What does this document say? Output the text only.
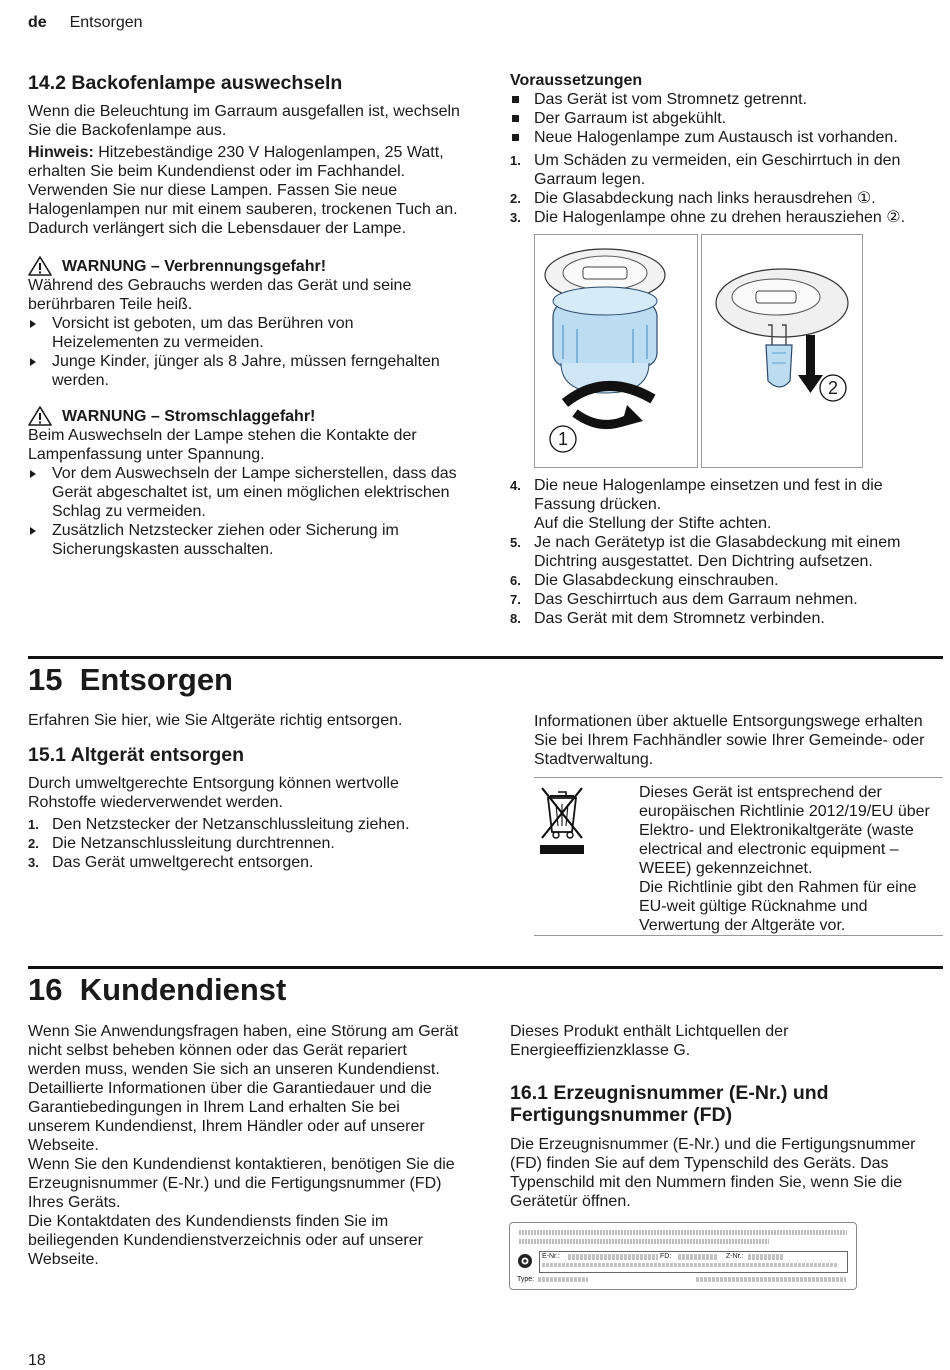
de Entsorgen

14.2 Backofenlampe auswechseln

Wenn die Beleuchtung im Garraum ausgefallen ist, wechseln Sie die Backofenlampe aus.

Hinweis: Hitzebeständige 230 V Halogenlampen, 25 Watt, erhalten Sie beim Kundendienst oder im Fachhandel. Verwenden Sie nur diese Lampen. Fassen Sie neue Halogenlampen nur mit einem sauberen, trockenen Tuch an. Dadurch verlängert sich die Lebensdauer der Lampe.

WARNUNG – Verbrennungsgefahr!

Während des Gebrauchs werden das Gerät und seine berührbaren Teile heiß.

Vorsicht ist geboten, um das Berühren von Heizelementen zu vermeiden.
Junge Kinder, jünger als 8 Jahre, müssen ferngehalten werden.
WARNUNG – Stromschlaggefahr!

Beim Auswechseln der Lampe stehen die Kontakte der Lampenfassung unter Spannung.

Vor dem Auswechseln der Lampe sicherstellen, dass das Gerät abgeschaltet ist, um einen möglichen elektrischen Schlag zu vermeiden.
Zusätzlich Netzstecker ziehen oder Sicherung im Sicherungskasten ausschalten.

Voraussetzungen

Das Gerät ist vom Stromnetz getrennt.
Der Garraum ist abgekühlt.
Neue Halogenlampe zum Austausch ist vorhanden.
1. Um Schäden zu vermeiden, ein Geschirrtuch in den Garraum legen.
2. Die Glasabdeckung nach links herausdrehen ①.
3. Die Halogenlampe ohne zu drehen herausziehen ②.
1
2
4. Die neue Halogenlampe einsetzen und fest in die Fassung drücken.
Auf die Stellung der Stifte achten.
5. Je nach Gerätetyp ist die Glasabdeckung mit einem Dichtring ausgestattet. Den Dichtring aufsetzen.
6. Die Glasabdeckung einschrauben.
7. Das Geschirrtuch aus dem Garraum nehmen.
8. Das Gerät mit dem Stromnetz verbinden.

15  Entsorgen

Erfahren Sie hier, wie Sie Altgeräte richtig entsorgen.

15.1 Altgerät entsorgen

Durch umweltgerechte Entsorgung können wertvolle Rohstoffe wiederverwendet werden.

1. Den Netzstecker der Netzanschlussleitung ziehen.
2. Die Netzanschlussleitung durchtrennen.
3. Das Gerät umweltgerecht entsorgen.

Informationen über aktuelle Entsorgungswege erhalten Sie bei Ihrem Fachhändler sowie Ihrer Gemeinde- oder Stadtverwaltung.

Dieses Gerät ist entsprechend der europäischen Richtlinie 2012/19/EU über Elektro- und Elektronikaltgeräte (waste electrical and electronic equipment – WEEE) gekennzeichnet.

Die Richtlinie gibt den Rahmen für eine EU-weit gültige Rücknahme und Verwertung der Altgeräte vor.

16  Kundendienst

Wenn Sie Anwendungsfragen haben, eine Störung am Gerät nicht selbst beheben können oder das Gerät repariert werden muss, wenden Sie sich an unseren Kundendienst.

Detaillierte Informationen über die Garantiedauer und die Garantiebedingungen in Ihrem Land erhalten Sie bei unserem Kundendienst, Ihrem Händler oder auf unserer Webseite.

Wenn Sie den Kundendienst kontaktieren, benötigen Sie die Erzeugnisnummer (E-Nr.) und die Fertigungsnummer (FD) Ihres Geräts.

Die Kontaktdaten des Kundendiensts finden Sie im beiliegenden Kundendienstverzeichnis oder auf unserer Webseite.

Dieses Produkt enthält Lichtquellen der Energieeffizienzklasse G.

16.1 Erzeugnisnummer (E-Nr.) und Fertigungsnummer (FD)

Die Erzeugnisnummer (E-Nr.) und die Fertigungsnummer (FD) finden Sie auf dem Typenschild des Geräts. Das Typenschild mit den Nummern finden Sie, wenn Sie die Gerätetür öffnen.

E-Nr.:	FD:	Z-Nr.:
Type:
18
